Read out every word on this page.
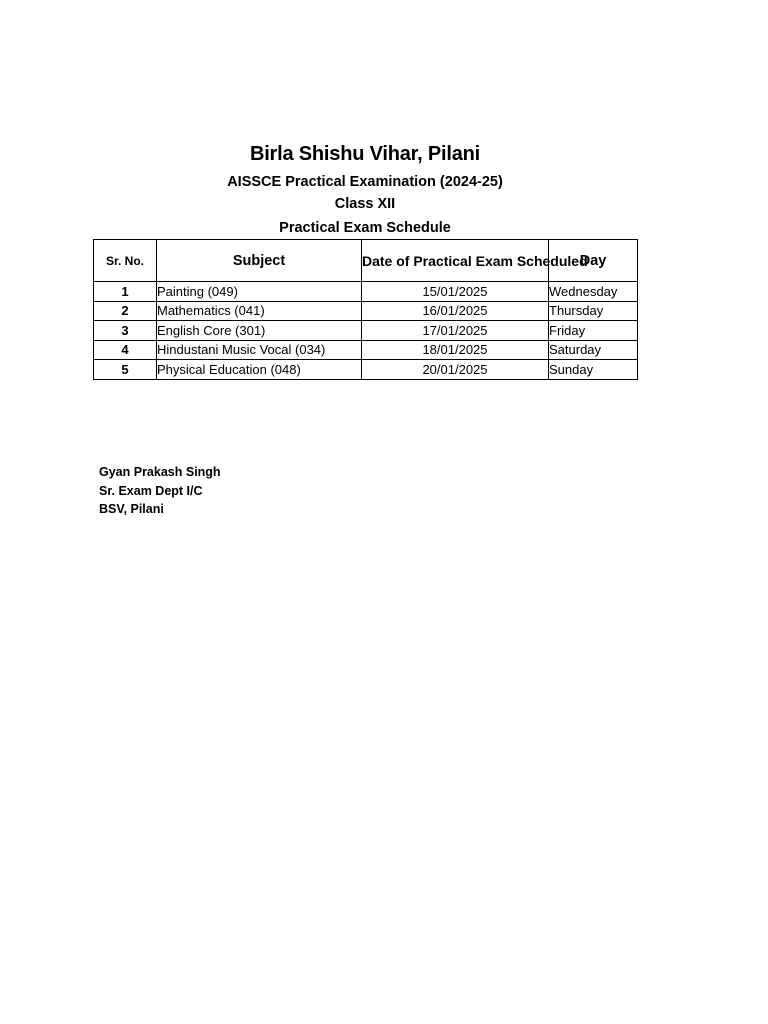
Birla Shishu Vihar, Pilani
AISSCE Practical Examination (2024-25)
Class XII
Practical Exam Schedule
Sr. No.	Subject	Date of Practical Exam Scheduled	Day
1	Painting (049)	15/01/2025	Wednesday
2	Mathematics (041)	16/01/2025	Thursday
3	English Core (301)	17/01/2025	Friday
4	Hindustani Music Vocal (034)	18/01/2025	Saturday
5	Physical Education (048)	20/01/2025	Sunday
Gyan Prakash Singh
Sr. Exam Dept I/C
BSV, Pilani
